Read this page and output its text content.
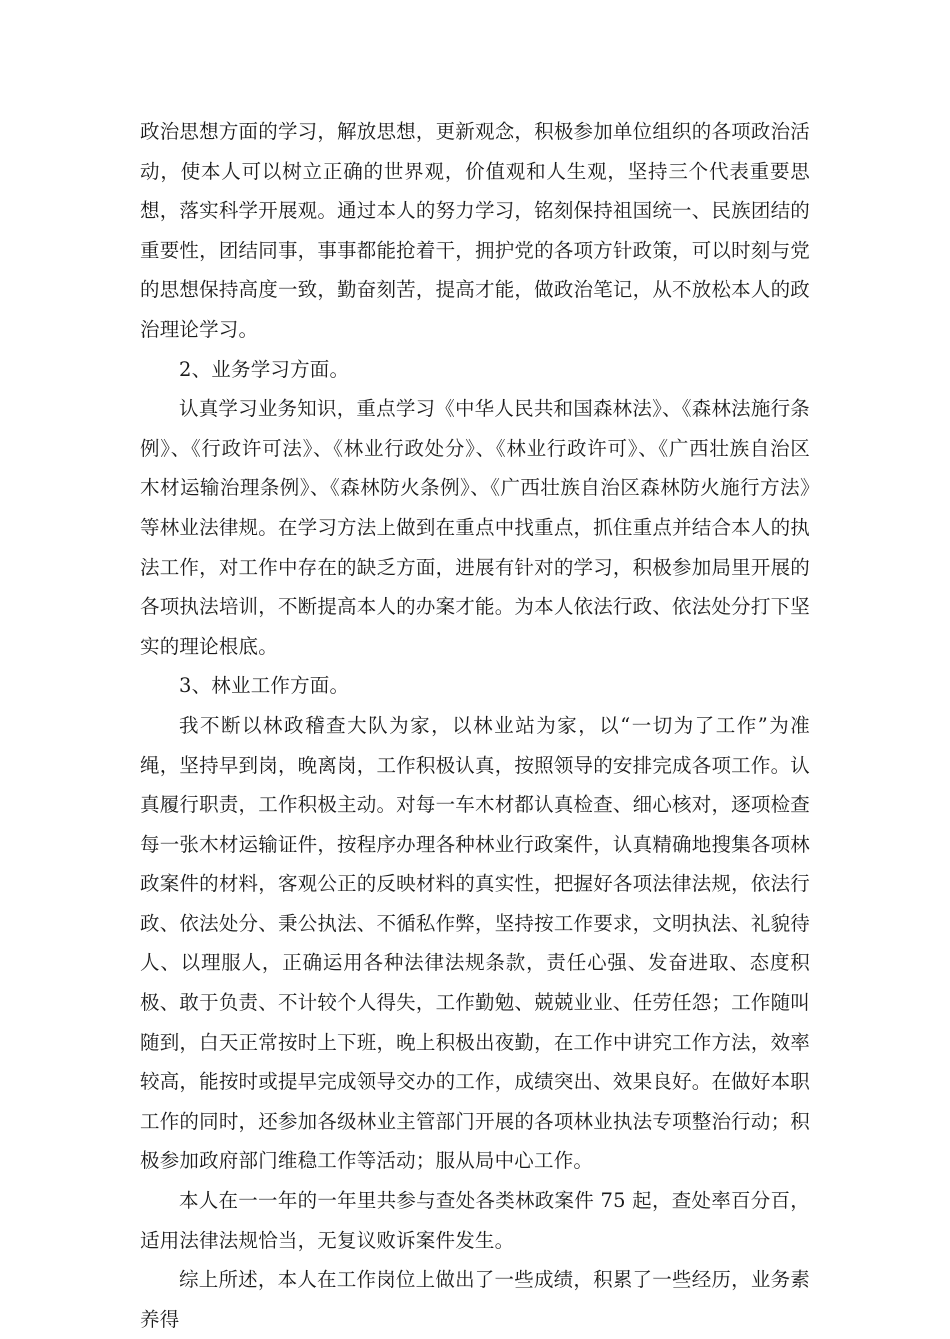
政治思想方面的学习，解放思想，更新观念，积极参加单位组织的各项政治活动，使本人可以树立正确的世界观，价值观和人生观，坚持三个代表重要思想，落实科学开展观。通过本人的努力学习，铭刻保持祖国统一、民族团结的重要性，团结同事，事事都能抢着干，拥护党的各项方针政策，可以时刻与党的思想保持高度一致，勤奋刻苦，提高才能，做政治笔记，从不放松本人的政治理论学习。

2、业务学习方面。

认真学习业务知识，重点学习《中华人民共和国森林法》、《森林法施行条例》、《行政许可法》、《林业行政处分》、《林业行政许可》、《广西壮族自治区木材运输治理条例》、《森林防火条例》、《广西壮族自治区森林防火施行方法》等林业法律规。在学习方法上做到在重点中找重点，抓住重点并结合本人的执法工作，对工作中存在的缺乏方面，进展有针对的学习，积极参加局里开展的各项执法培训，不断提高本人的办案才能。为本人依法行政、依法处分打下坚实的理论根底。

3、林业工作方面。

我不断以林政稽查大队为家，以林业站为家，以“一切为了工作”为准绳，坚持早到岗，晚离岗，工作积极认真，按照领导的安排完成各项工作。认真履行职责，工作积极主动。对每一车木材都认真检查、细心核对，逐项检查每一张木材运输证件，按程序办理各种林业行政案件，认真精确地搜集各项林政案件的材料，客观公正的反映材料的真实性，把握好各项法律法规，依法行政、依法处分、秉公执法、不循私作弊，坚持按工作要求，文明执法、礼貌待人、以理服人，正确运用各种法律法规条款，责任心强、发奋进取、态度积极、敢于负责、不计较个人得失，工作勤勉、兢兢业业、任劳任怨；工作随叫随到，白天正常按时上下班，晚上积极出夜勤，在工作中讲究工作方法，效率较高，能按时或提早完成领导交办的工作，成绩突出、效果良好。在做好本职工作的同时，还参加各级林业主管部门开展的各项林业执法专项整治行动；积极参加政府部门维稳工作等活动；服从局中心工作。

本人在一一年的一年里共参与查处各类林政案件 75 起，查处率百分百，适用法律法规恰当，无复议败诉案件发生。

综上所述，本人在工作岗位上做出了一些成绩，积累了一些经历，业务素养得
